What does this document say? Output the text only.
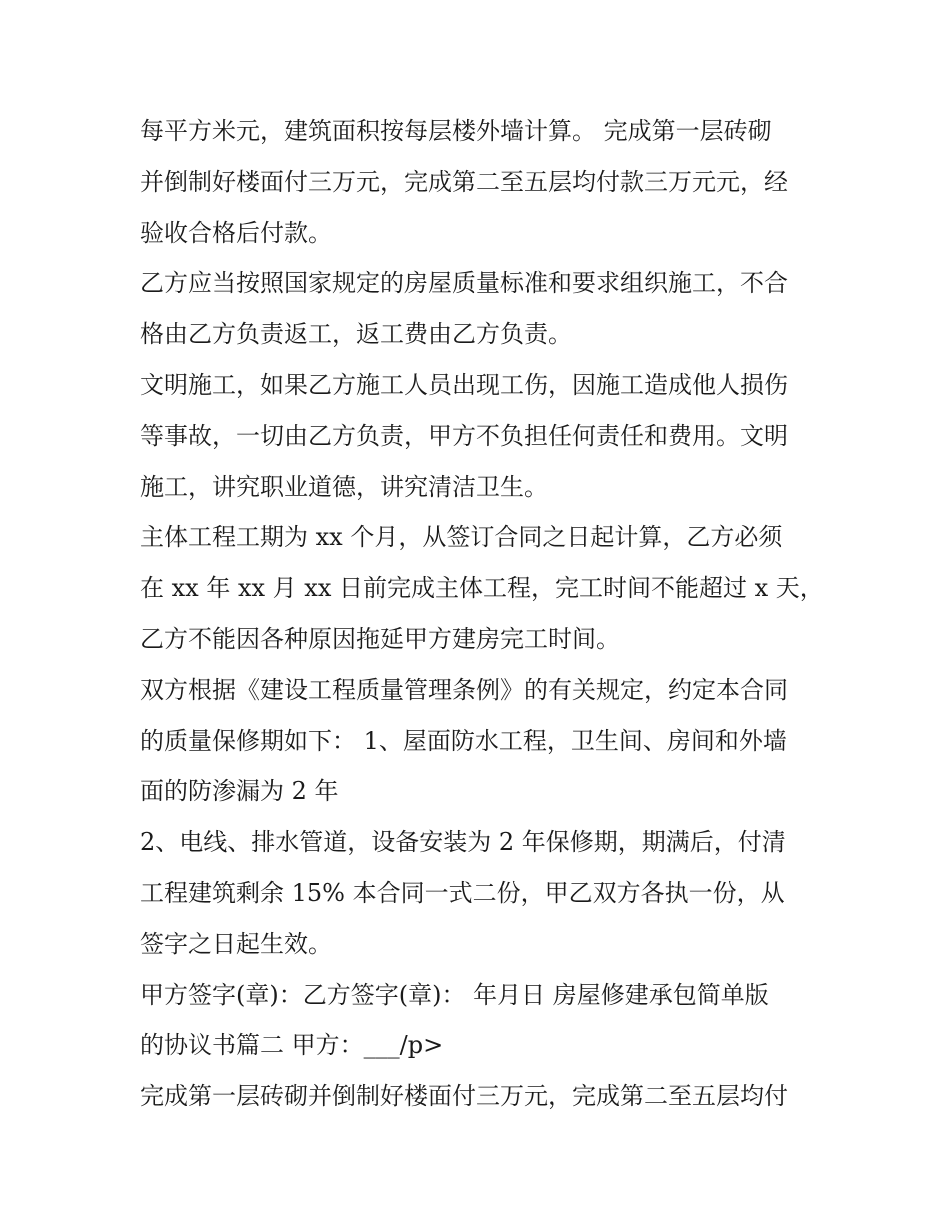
每平方米元，建筑面积按每层楼外墙计算。 完成第一层砖砌
并倒制好楼面付三万元，完成第二至五层均付款三万元元，经
验收合格后付款。
乙方应当按照国家规定的房屋质量标准和要求组织施工，不合
格由乙方负责返工，返工费由乙方负责。
文明施工，如果乙方施工人员出现工伤，因施工造成他人损伤
等事故，一切由乙方负责，甲方不负担任何责任和费用。文明
施工，讲究职业道德，讲究清洁卫生。
主体工程工期为 xx 个月，从签订合同之日起计算，乙方必须
在 xx 年 xx 月 xx 日前完成主体工程，完工时间不能超过 x 天，
乙方不能因各种原因拖延甲方建房完工时间。
双方根据《建设工程质量管理条例》的有关规定，约定本合同
的质量保修期如下： 1、屋面防水工程，卫生间、房间和外墙
面的防渗漏为 2 年
2、电线、排水管道，设备安装为 2 年保修期，期满后，付清
工程建筑剩余 15% 本合同一式二份，甲乙双方各执一份，从
签字之日起生效。
甲方签字(章)：乙方签字(章)： 年月日 房屋修建承包简单版
的协议书篇二 甲方：___/p>
完成第一层砖砌并倒制好楼面付三万元，完成第二至五层均付
